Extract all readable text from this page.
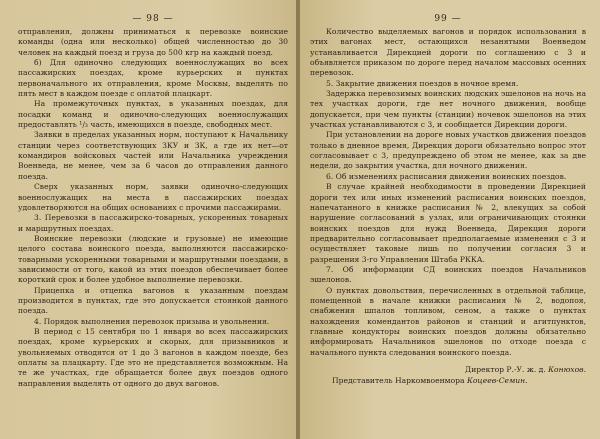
— 98 —

отправления, должны приниматься к перевозке воинские команды (одна или несколько) общей численностью до 30 человек на каждый поезд и груза до 500 кгр на каждый поезд.

б) Для одиночно следующих военнослужащих во всех пассажирских поездах, кроме курьерских и пунктах первоначального их отправления, кроме Москвы, выделять по пять мест в каждом поезде с оплатой плацкарт.

На промежуточных пунктах, в указанных поездах, для посадки команд и одиночно-следующих военнослужащих предоставлять ¹/₃ часть, имеющихся в поезде, свободных мест.

Заявки в пределах указанных норм, поступают к Начальнику станции через соответствующих ЗКУ и ЗК, а где их нет—от командиров войсковых частей или Начальника учреждения Военведа, не менее, чем за 6 часов до отправления данного поезда.

Сверх указанных норм, заявки одиночно-следующих военнослужащих на места в пассажирских поездах удовлетворяются на общих основаниях с прочими пассажирами.

3. Перевозки в пассажирско-товарных, ускоренных товарных и маршрутных поездах.

Воинские перевозки (людские и грузовые) не имеющие целого состава воинского поезда, выполняются пассажирско-товарными ускоренными товарными и маршрутными поездами, в зависимости от того, какой из этих поездов обеспечивает более короткий срок и более удобное выполнение перевозки.

Прицепка и отцепка вагонов к указанным поездам производится в пунктах, где это допускается стоянкой данного поезда.

4. Порядок выполнения перевозок призыва и увольнения.

В период с 15 сентября по 1 января во всех пассажирских поездах, кроме курьерских и скорых, для призывников и увольняемых отводятся от 1 до 3 вагонов в каждом поезде, без оплаты за плацкарту. Где это не представляется возможным. На те же участках, где обращается более двух поездов одного направления выделять от одного до двух вагонов.

99 —

Количество выделяемых вагонов и порядок использования в этих вагонах мест, остающихся незанятыми Военведом устанавливается Дирекцией дороги по соглашению с 3 и объявляется приказом по дороге перед началом массовых осенних перевозок.

5. Закрытие движения поездов в ночное время.

Задержка перевозимых воинских людских эшелонов на ночь на тех участках дороги, где нет ночного движения, вообще допускается, при чем пункты (станции) ночевок эшелонов на этих участках устанавливаются с 3, и сообщается Дирекции дороги.

При установлении на дороге новых участков движения поездов только в дневное время, Дирекция дороги обязательно вопрос этот согласовывает с 3, предупреждено об этом не менее, как за две недели, до закрытия участка, для ночного движения.

6. Об изменениях расписания движения воинских поездов.

В случае крайней необходимости в проведении Дирекцией дороги тех или иных изменений расписания воинских поездов, напечатанного в книжке расписания № 2, влекущих за собой нарушение согласований в узлах, или ограничивающих стоянки воинских поездов для нужд Военведа, Дирекция дороги предварительно согласовывает предполагаемые изменения с 3 и осуществляет таковые лишь по получении согласия 3 и разрешения 3-го Управления Штаба РККА.

7. Об информации СД воинских поездов Начальников эшелонов.

О пунктах довольствия, перечисленных в отдельной таблице, помещенной в начале книжки расписания № 2, водопоя, снабжения шпалов топливом, сеном, а также о пунктах нахождения комендантов районов и станций и агитпунктов, главные кондукторы воинских поездов должны обязательно информировать Начальников эшелонов по отходе поезда с начального пункта следования воинского поезда.

Директор Р.-У. ж. д. Конюхов.
Представитель Наркомвоенмора Коцеев-Семин.
